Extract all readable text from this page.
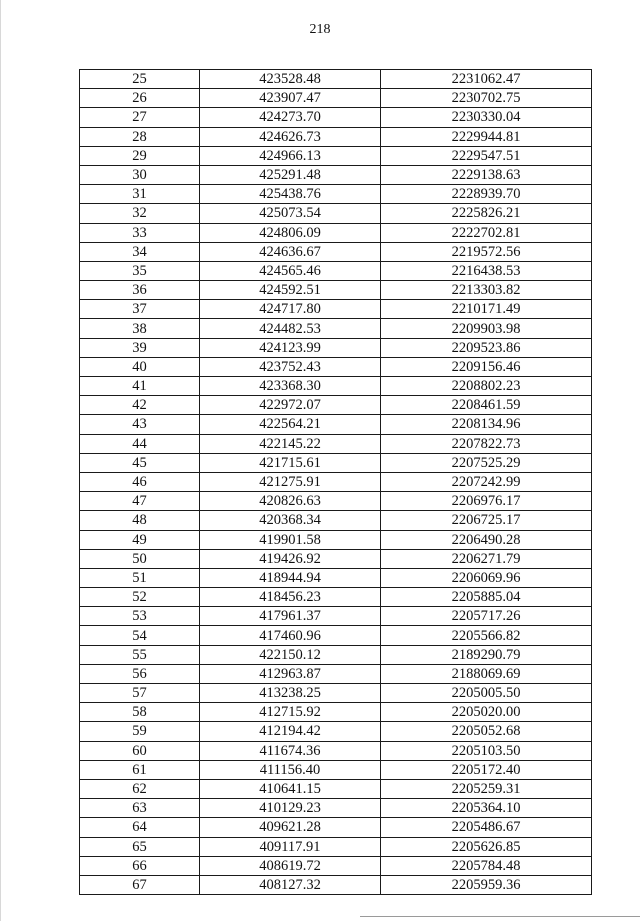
218
25	423528.48	2231062.47
26	423907.47	2230702.75
27	424273.70	2230330.04
28	424626.73	2229944.81
29	424966.13	2229547.51
30	425291.48	2229138.63
31	425438.76	2228939.70
32	425073.54	2225826.21
33	424806.09	2222702.81
34	424636.67	2219572.56
35	424565.46	2216438.53
36	424592.51	2213303.82
37	424717.80	2210171.49
38	424482.53	2209903.98
39	424123.99	2209523.86
40	423752.43	2209156.46
41	423368.30	2208802.23
42	422972.07	2208461.59
43	422564.21	2208134.96
44	422145.22	2207822.73
45	421715.61	2207525.29
46	421275.91	2207242.99
47	420826.63	2206976.17
48	420368.34	2206725.17
49	419901.58	2206490.28
50	419426.92	2206271.79
51	418944.94	2206069.96
52	418456.23	2205885.04
53	417961.37	2205717.26
54	417460.96	2205566.82
55	422150.12	2189290.79
56	412963.87	2188069.69
57	413238.25	2205005.50
58	412715.92	2205020.00
59	412194.42	2205052.68
60	411674.36	2205103.50
61	411156.40	2205172.40
62	410641.15	2205259.31
63	410129.23	2205364.10
64	409621.28	2205486.67
65	409117.91	2205626.85
66	408619.72	2205784.48
67	408127.32	2205959.36
